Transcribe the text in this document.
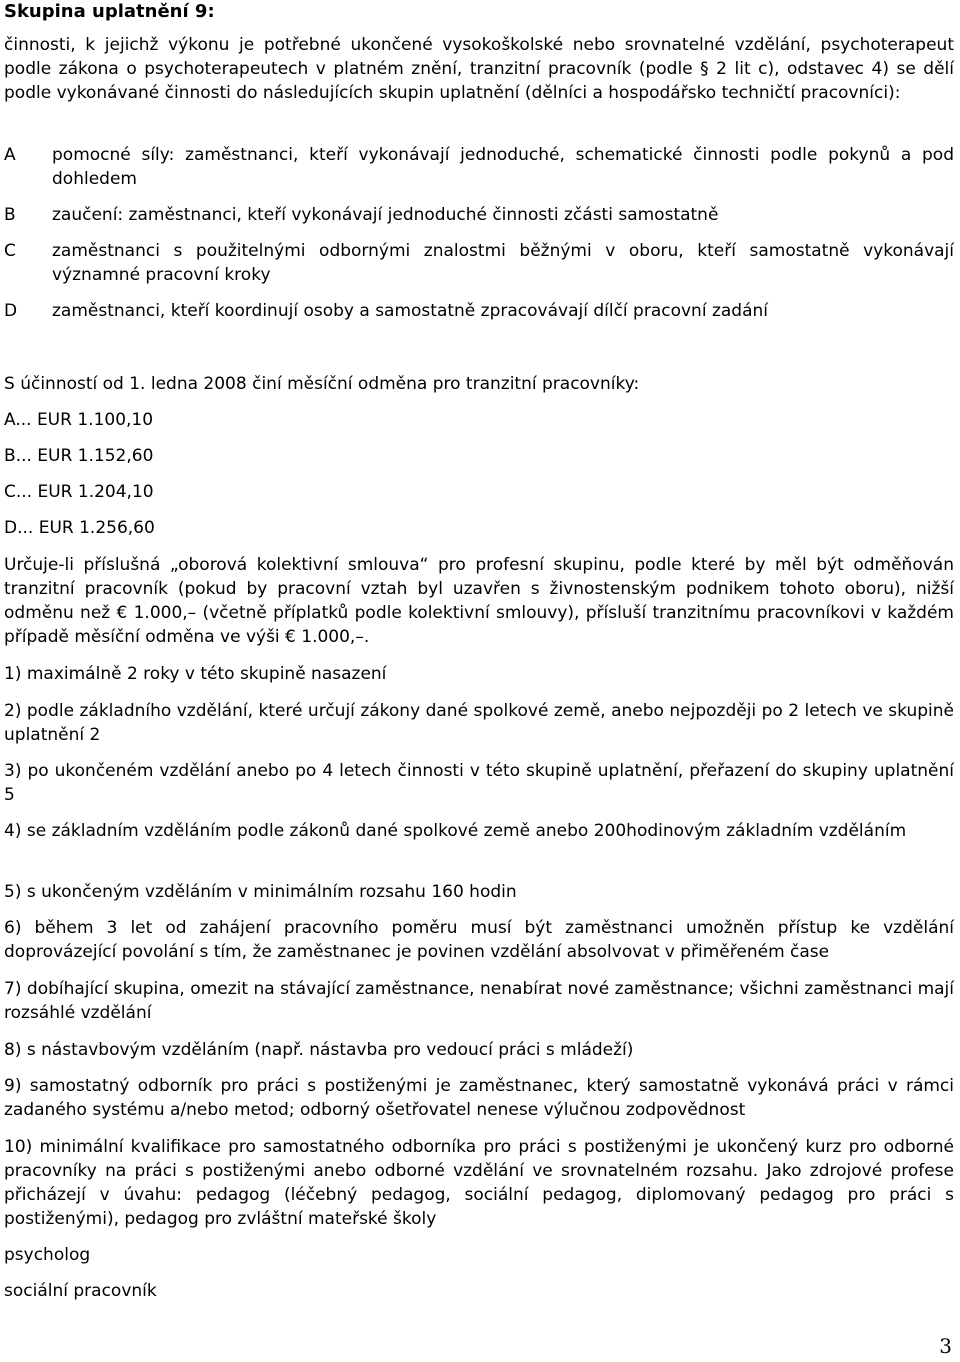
Skupina uplatnění 9:
činnosti, k jejichž výkonu je potřebné ukončené vysokoškolské nebo srovnatelné vzdělání, psychoterapeut podle zákona o psychoterapeutech v platném znění, tranzitní pracovník (podle § 2 lit c), odstavec 4) se dělí podle vykonávané činnosti do následujících skupin uplatnění (dělníci a hospodářsko techničtí pracovníci):
A pomocné síly: zaměstnanci, kteří vykonávají jednoduché, schematické činnosti podle pokynů a pod dohledem
B zaučení: zaměstnanci, kteří vykonávají jednoduché činnosti zčásti samostatně
C zaměstnanci s použitelnými odbornými znalostmi běžnými v oboru, kteří samostatně vykonávají významné pracovní kroky
D zaměstnanci, kteří koordinují osoby a samostatně zpracovávají dílčí pracovní zadání
S účinností od 1. ledna 2008 činí měsíční odměna pro tranzitní pracovníky:
A... EUR 1.100,10
B... EUR 1.152,60
C... EUR 1.204,10
D... EUR 1.256,60
Určuje-li příslušná „oborová kolektivní smlouva“ pro profesní skupinu, podle které by měl být odměňován tranzitní pracovník (pokud by pracovní vztah byl uzavřen s živnostenským podnikem tohoto oboru), nižší odměnu než € 1.000,– (včetně příplatků podle kolektivní smlouvy), přísluší tranzitnímu pracovníkovi v každém případě měsíční odměna ve výši € 1.000,–.
1) maximálně 2 roky v této skupině nasazení
2) podle základního vzdělání, které určují zákony dané spolkové země, anebo nejpozději po 2 letech ve skupině uplatnění 2
3) po ukončeném vzdělání anebo po 4 letech činnosti v této skupině uplatnění, přeřazení do skupiny uplatnění 5
4) se základním vzděláním podle zákonů dané spolkové země anebo 200hodinovým základním vzděláním
5) s ukončeným vzděláním v minimálním rozsahu 160 hodin
6) během 3 let od zahájení pracovního poměru musí být zaměstnanci umožněn přístup ke vzdělání doprovázející povolání s tím, že zaměstnanec je povinen vzdělání absolvovat v přiměřeném čase
7) dobíhající skupina, omezit na stávající zaměstnance, nenabírat nové zaměstnance; všichni zaměstnanci mají rozsáhlé vzdělání
8) s nástavbovým vzděláním (např. nástavba pro vedoucí práci s mládeží)
9) samostatný odborník pro práci s postiženými je zaměstnanec, který samostatně vykonává práci v rámci zadaného systému a/nebo metod; odborný ošetřovatel nenese výlučnou zodpovědnost
10) minimální kvalifikace pro samostatného odborníka pro práci s postiženými je ukončený kurz pro odborné pracovníky na práci s postiženými anebo odborné vzdělání ve srovnatelném rozsahu. Jako zdrojové profese přicházejí v úvahu: pedagog (léčebný pedagog, sociální pedagog, diplomovaný pedagog pro práci s postiženými), pedagog pro zvláštní mateřské školy
psycholog
sociální pracovník
3
